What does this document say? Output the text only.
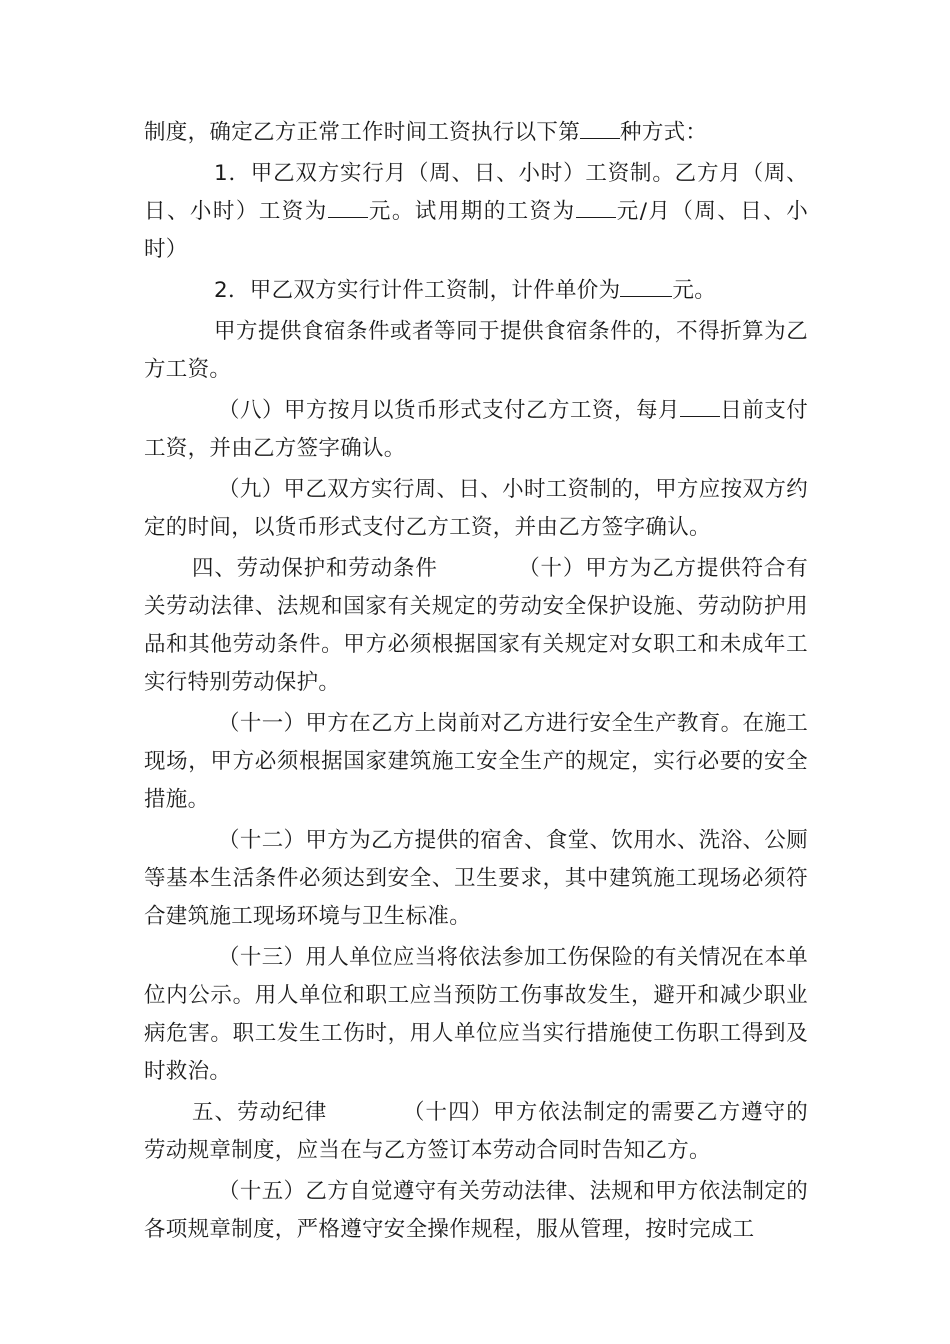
制度，确定乙方正常工作时间工资执行以下第 种方式：

1．甲乙双方实行月（周、日、小时）工资制。乙方月（周、日、小时）工资为 元。试用期的工资为 元/月（周、日、小时）

2．甲乙双方实行计件工资制，计件单价为 元。

甲方提供食宿条件或者等同于提供食宿条件的，不得折算为乙方工资。

（八）甲方按月以货币形式支付乙方工资，每月 日前支付工资，并由乙方签字确认。

（九）甲乙双方实行周、日、小时工资制的，甲方应按双方约定的时间，以货币形式支付乙方工资，并由乙方签字确认。

四、劳动保护和劳动条件	（十）甲方为乙方提供符合有关劳动法律、法规和国家有关规定的劳动安全保护设施、劳动防护用品和其他劳动条件。甲方必须根据国家有关规定对女职工和未成年工实行特别劳动保护。

（十一）甲方在乙方上岗前对乙方进行安全生产教育。在施工现场，甲方必须根据国家建筑施工安全生产的规定，实行必要的安全措施。

（十二）甲方为乙方提供的宿舍、食堂、饮用水、洗浴、公厕等基本生活条件必须达到安全、卫生要求，其中建筑施工现场必须符合建筑施工现场环境与卫生标准。

（十三）用人单位应当将依法参加工伤保险的有关情况在本单位内公示。用人单位和职工应当预防工伤事故发生，避开和减少职业病危害。职工发生工伤时，用人单位应当实行措施使工伤职工得到及时救治。

五、劳动纪律	（十四）甲方依法制定的需要乙方遵守的劳动规章制度，应当在与乙方签订本劳动合同时告知乙方。

（十五）乙方自觉遵守有关劳动法律、法规和甲方依法制定的各项规章制度，严格遵守安全操作规程，服从管理，按时完成工
